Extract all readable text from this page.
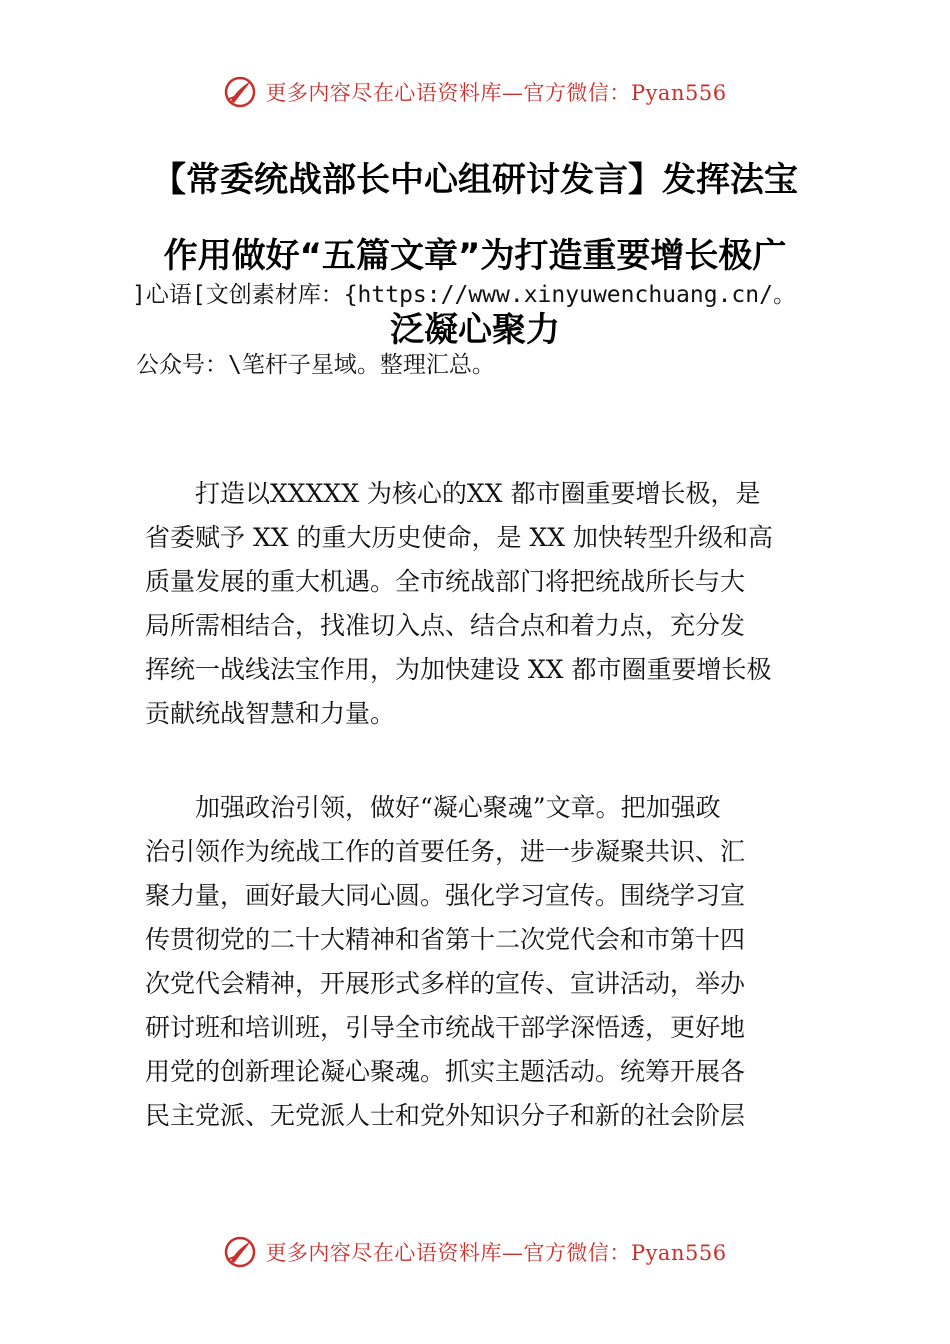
更多内容尽在心语资料库—官方微信：Pyan556
【常委统战部长中心组研讨发言】发挥法宝
作用做好“五篇文章”为打造重要增长极广
]心语[文创素材库：{https://www.xinyuwenchuang.cn/。
泛凝心聚力
公众号：\笔杆子星域。整理汇总。
　　打造以XXXXX 为核心的XX 都市圈重要增长极，是
省委赋予 XX 的重大历史使命，是 XX 加快转型升级和高
质量发展的重大机遇。全市统战部门将把统战所长与大
局所需相结合，找准切入点、结合点和着力点，充分发
挥统一战线法宝作用，为加快建设 XX 都市圈重要增长极
贡献统战智慧和力量。
　　加强政治引领，做好“凝心聚魂”文章。把加强政
治引领作为统战工作的首要任务，进一步凝聚共识、汇
聚力量，画好最大同心圆。强化学习宣传。围绕学习宣
传贯彻党的二十大精神和省第十二次党代会和市第十四
次党代会精神，开展形式多样的宣传、宣讲活动，举办
研讨班和培训班，引导全市统战干部学深悟透，更好地
用党的创新理论凝心聚魂。抓实主题活动。统筹开展各
民主党派、无党派人士和党外知识分子和新的社会阶层
更多内容尽在心语资料库—官方微信：Pyan556
